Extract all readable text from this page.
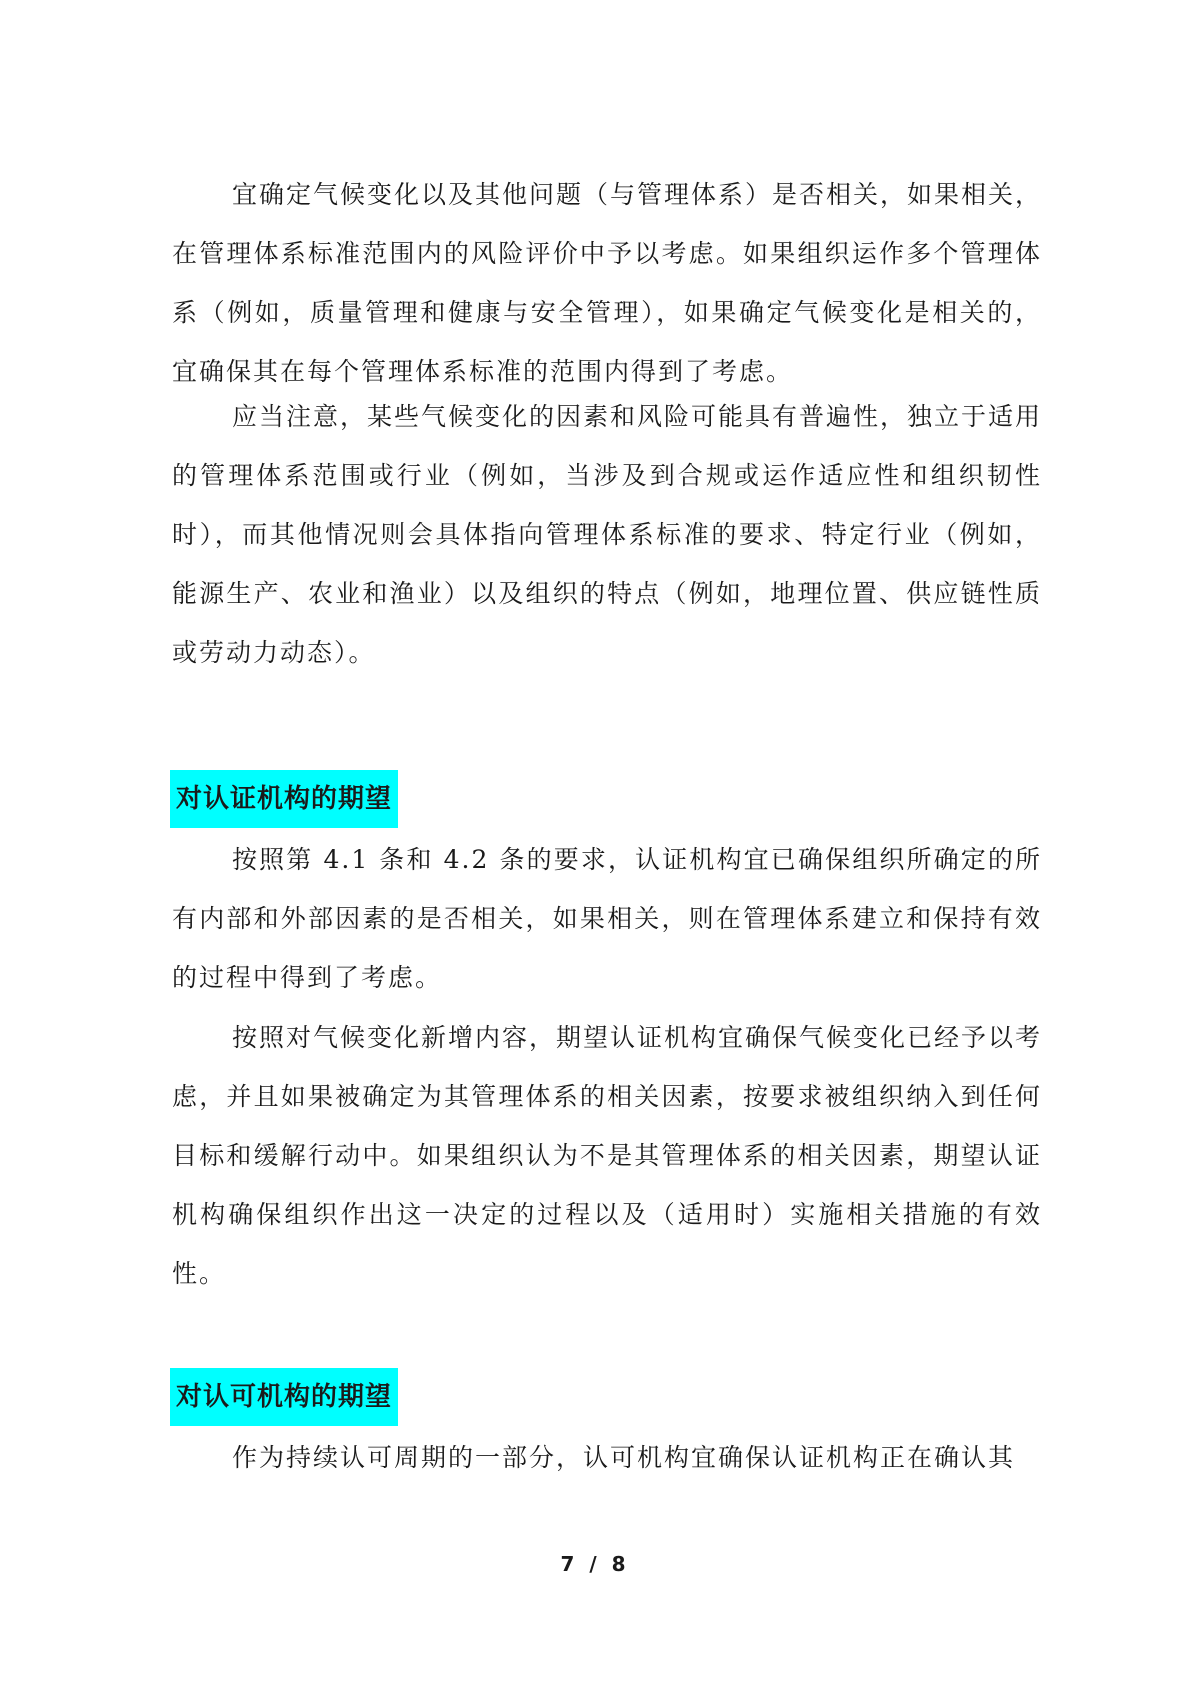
宜确定气候变化以及其他问题（与管理体系）是否相关，如果相关，在管理体系标准范围内的风险评价中予以考虑。如果组织运作多个管理体系（例如，质量管理和健康与安全管理），如果确定气候变化是相关的，宜确保其在每个管理体系标准的范围内得到了考虑。

应当注意，某些气候变化的因素和风险可能具有普遍性，独立于适用的管理体系范围或行业（例如，当涉及到合规或运作适应性和组织韧性时），而其他情况则会具体指向管理体系标准的要求、特定行业（例如，能源生产、农业和渔业）以及组织的特点（例如，地理位置、供应链性质或劳动力动态）。

对认证机构的期望

按照第 4.1 条和 4.2 条的要求，认证机构宜已确保组织所确定的所有内部和外部因素的是否相关，如果相关，则在管理体系建立和保持有效的过程中得到了考虑。

按照对气候变化新增内容，期望认证机构宜确保气候变化已经予以考虑，并且如果被确定为其管理体系的相关因素，按要求被组织纳入到任何目标和缓解行动中。如果组织认为不是其管理体系的相关因素，期望认证机构确保组织作出这一决定的过程以及（适用时）实施相关措施的有效性。

对认可机构的期望

作为持续认可周期的一部分，认可机构宜确保认证机构正在确认其

7 / 8
